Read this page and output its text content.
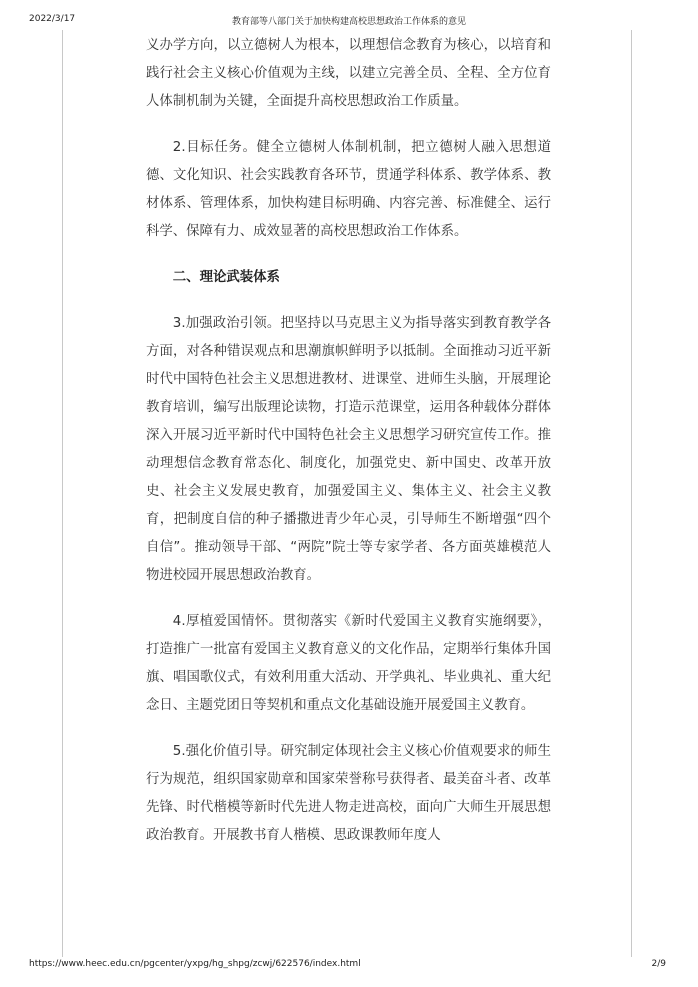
2022/3/17	教育部等八部门关于加快构建高校思想政治工作体系的意见

义办学方向，以立德树人为根本，以理想信念教育为核心，以培育和践行社会主义核心价值观为主线，以建立完善全员、全程、全方位育人体制机制为关键，全面提升高校思想政治工作质量。

2.目标任务。健全立德树人体制机制，把立德树人融入思想道德、文化知识、社会实践教育各环节，贯通学科体系、教学体系、教材体系、管理体系，加快构建目标明确、内容完善、标准健全、运行科学、保障有力、成效显著的高校思想政治工作体系。

二、理论武装体系

3.加强政治引领。把坚持以马克思主义为指导落实到教育教学各方面，对各种错误观点和思潮旗帜鲜明予以抵制。全面推动习近平新时代中国特色社会主义思想进教材、进课堂、进师生头脑，开展理论教育培训，编写出版理论读物，打造示范课堂，运用各种载体分群体深入开展习近平新时代中国特色社会主义思想学习研究宣传工作。推动理想信念教育常态化、制度化，加强党史、新中国史、改革开放史、社会主义发展史教育，加强爱国主义、集体主义、社会主义教育，把制度自信的种子播撒进青少年心灵，引导师生不断增强“四个自信”。推动领导干部、“两院”院士等专家学者、各方面英雄模范人物进校园开展思想政治教育。

4.厚植爱国情怀。贯彻落实《新时代爱国主义教育实施纲要》，打造推广一批富有爱国主义教育意义的文化作品，定期举行集体升国旗、唱国歌仪式，有效利用重大活动、开学典礼、毕业典礼、重大纪念日、主题党团日等契机和重点文化基础设施开展爱国主义教育。

5.强化价值引导。研究制定体现社会主义核心价值观要求的师生行为规范，组织国家勋章和国家荣誉称号获得者、最美奋斗者、改革先锋、时代楷模等新时代先进人物走进高校，面向广大师生开展思想政治教育。开展教书育人楷模、思政课教师年度人

https://www.heec.edu.cn/pgcenter/yxpg/hg_shpg/zcwj/622576/index.html	2/9
